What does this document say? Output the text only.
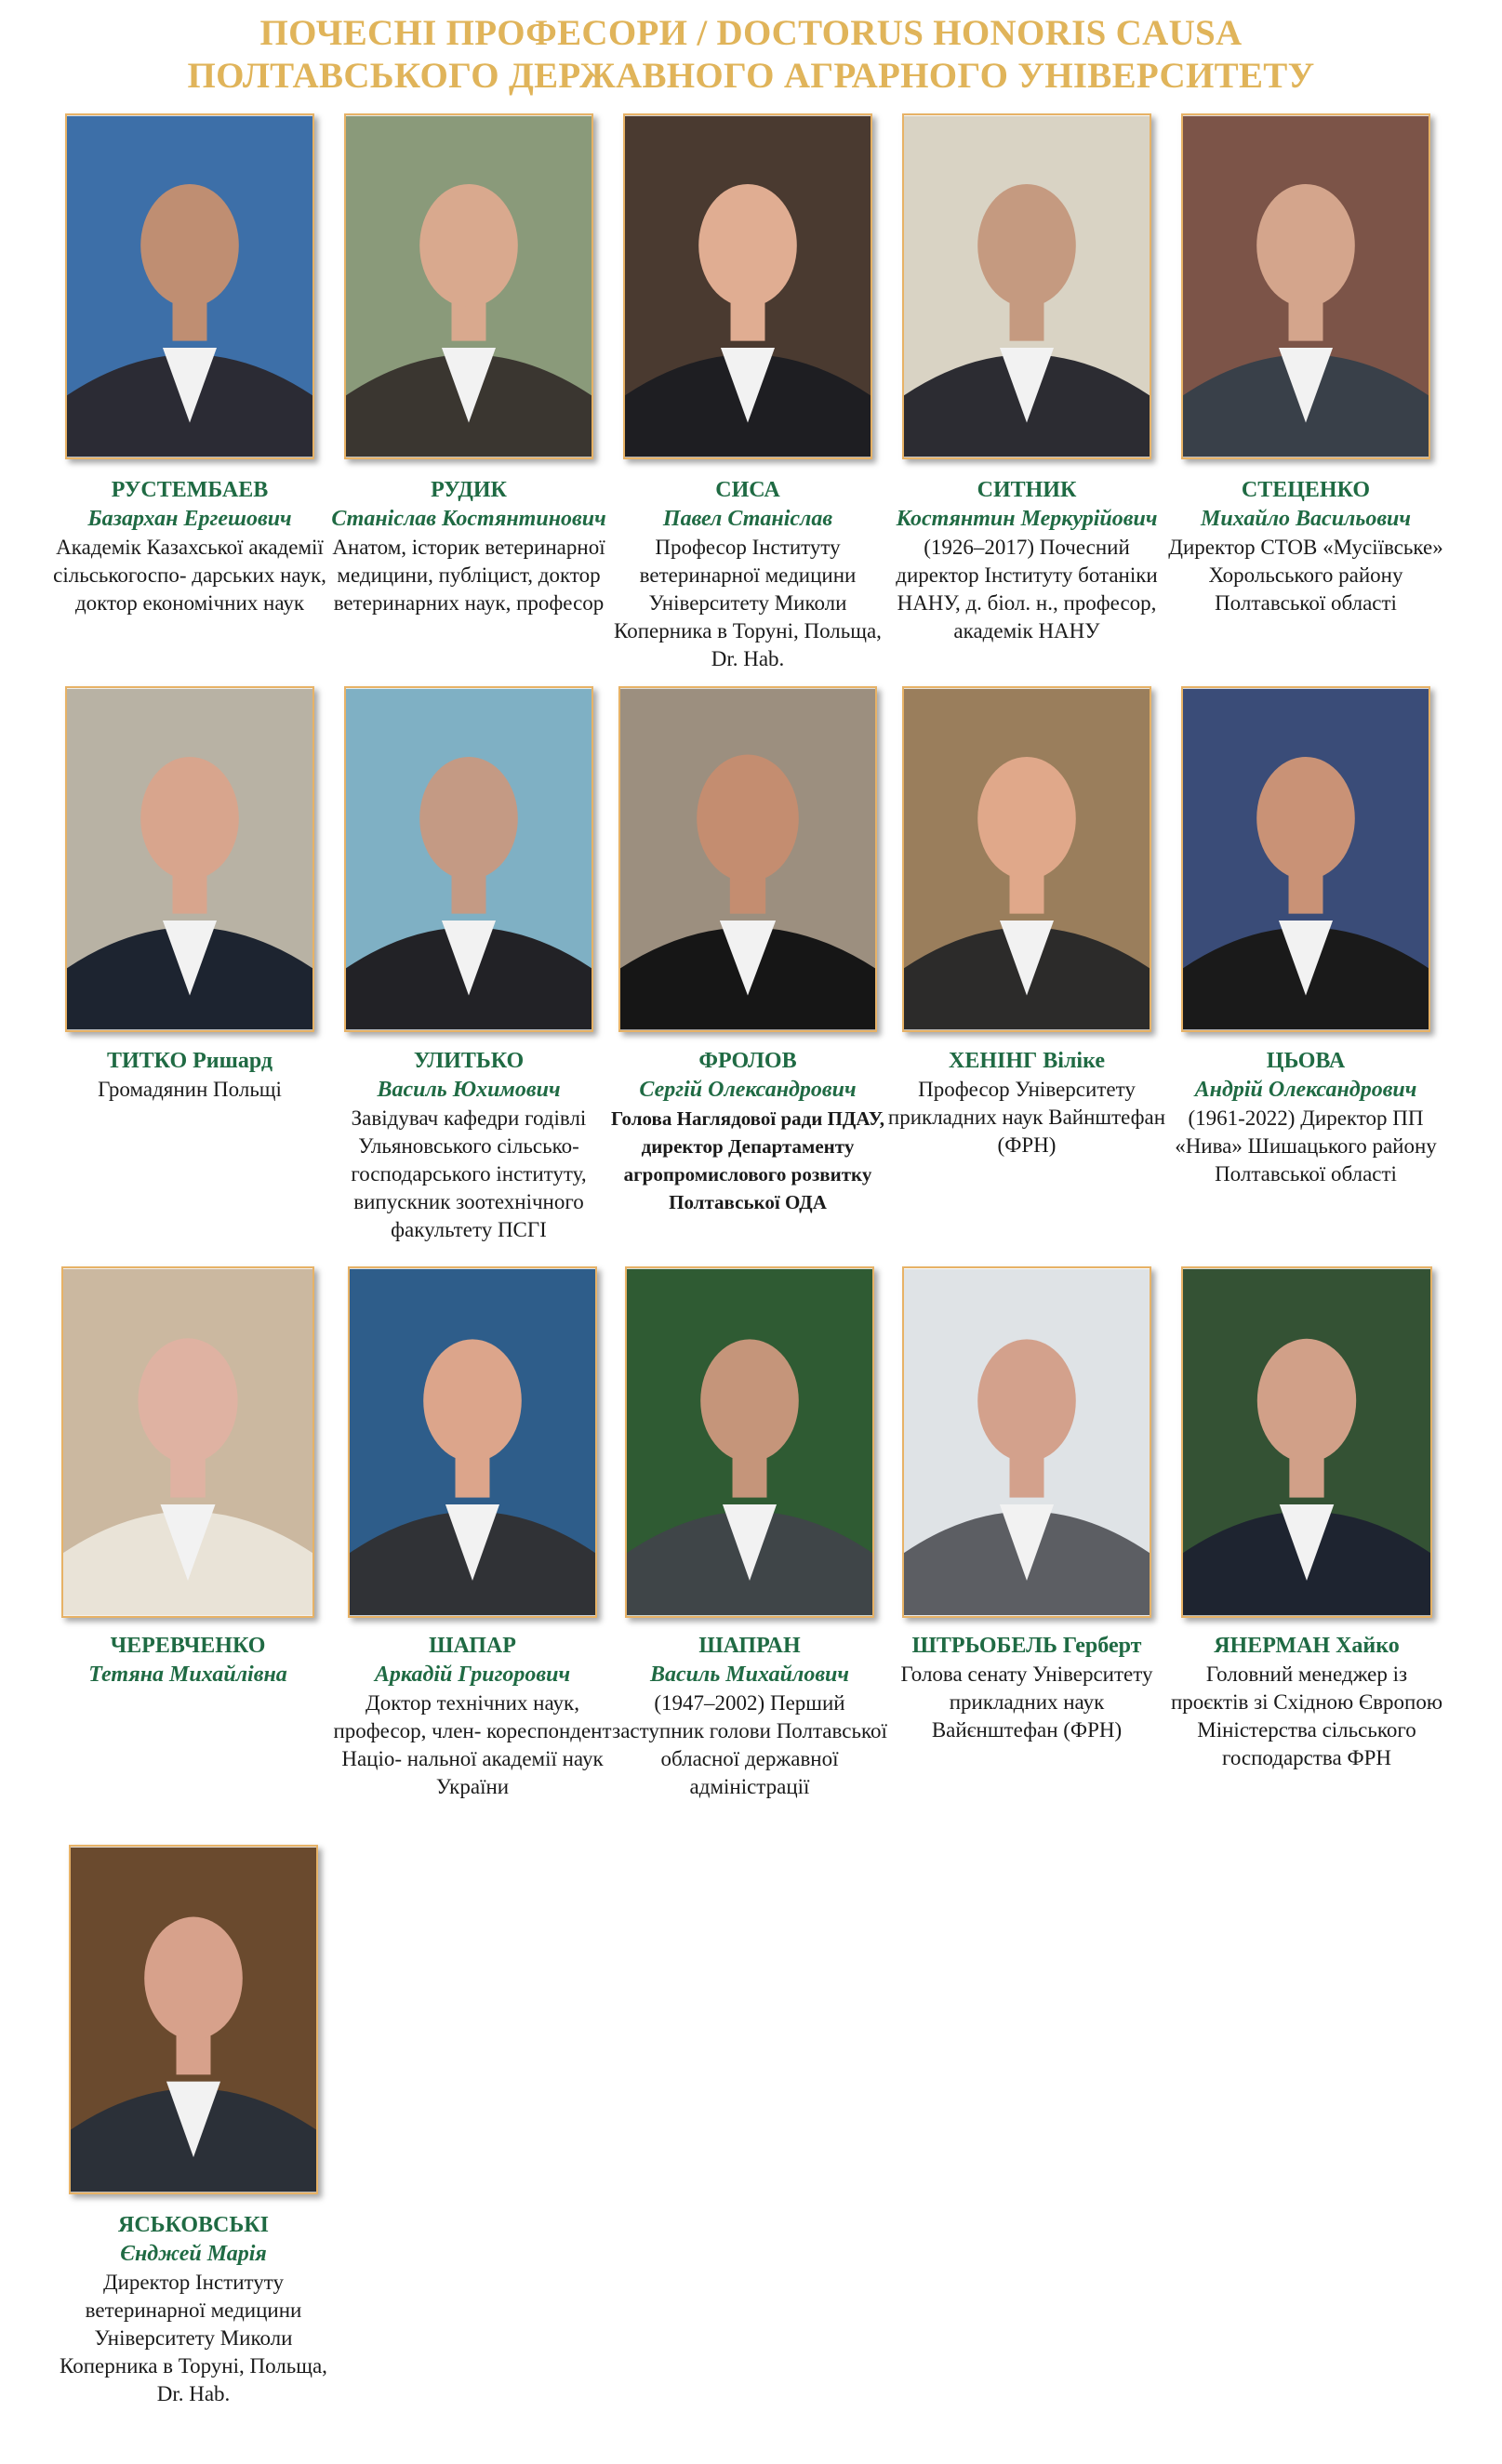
ПОЧЕСНІ ПРОФЕСОРИ / DOCTORUS HONORIS CAUSA
ПОЛТАВСЬКОГО ДЕРЖАВНОГО АГРАРНОГО УНІВЕРСИТЕТУ
РУСТЕМБАЕВ
Базархан Ергешович
Академік Казахської академії сільськогоспо- дарських наук, доктор економічних наук
РУДИК
Станіслав Костянтинович
Анатом, історик ветеринарної медицини, публіцист, доктор ветеринарних наук, професор
СИСА
Павел Станіслав
Професор Інституту ветеринарної медицини Університету Миколи Коперника в Торуні, Польща, Dr. Hab.
СИТНИК
Костянтин Меркурійович
(1926–2017) Почесний директор Інституту ботаніки НАНУ, д. біол. н., професор, академік НАНУ
СТЕЦЕНКО
Михайло Васильович
Директор СТОВ «Мусіївське» Хорольського району Полтавської області
ТИТКО Ришард
Громадянин Польщі
УЛИТЬКО
Василь Юхимович
Завідувач кафедри годівлі Ульяновського сільсько- господарського інституту, випускник зоотехнічного факультету ПСГІ
ФРОЛОВ
Сергій Олександрович
Голова Наглядової ради ПДАУ, директор Департаменту агропромислового розвитку Полтавської ОДА
ХЕНІНГ Віліке
Професор Університету прикладних наук Вайнштефан (ФРН)
ЦЬОВА
Андрій Олександрович
(1961-2022) Директор ПП «Нива» Шишацького району Полтавської області
ЧЕРЕВЧЕНКО
Тетяна Михайлівна
ШАПАР
Аркадій Григорович
Доктор технічних наук, професор, член- кореспондент Націо- нальної академії наук України
ШАПРАН
Василь Михайлович
(1947–2002) Перший заступник голови Полтавської обласної державної адміністрації
ШТРЬОБЕЛЬ Герберт
Голова сенату Університету прикладних наук Вайєнштефан (ФРН)
ЯНЕРМАН Хайко
Головний менеджер із проєктів зі Східною Європою Міністерства сільського господарства ФРН
ЯСЬКОВСЬКІ
Єнджей Марія
Директор Інституту ветеринарної медицини Університету Миколи Коперника в Торуні, Польща, Dr. Hab.
